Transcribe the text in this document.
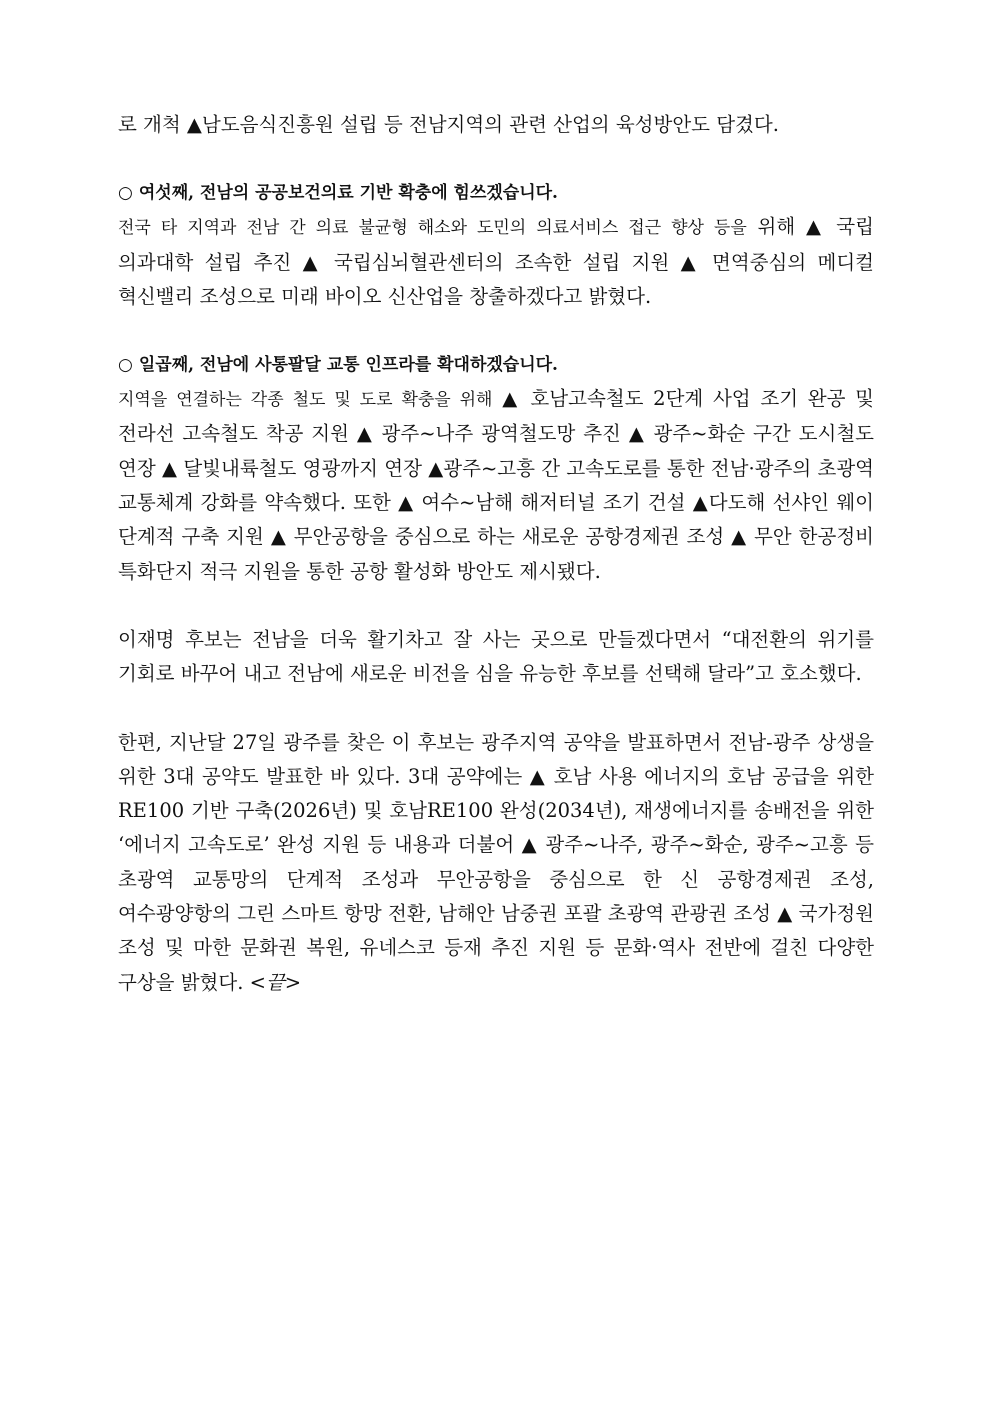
로 개척 ▲남도음식진흥원 설립 등 전남지역의 관련 산업의 육성방안도 담겼다.

○ 여섯째, 전남의 공공보건의료 기반 확충에 힘쓰겠습니다.

전국 타 지역과 전남 간 의료 불균형 해소와 도민의 의료서비스 접근 향상 등을 위해 ▲ 국립 의과대학 설립 추진 ▲ 국립심뇌혈관센터의 조속한 설립 지원 ▲ 면역중심의 메디컬 혁신밸리 조성으로 미래 바이오 신산업을 창출하겠다고 밝혔다.

○ 일곱째, 전남에 사통팔달 교통 인프라를 확대하겠습니다.

지역을 연결하는 각종 철도 및 도로 확충을 위해 ▲ 호남고속철도 2단계 사업 조기 완공 및 전라선 고속철도 착공 지원 ▲ 광주~나주 광역철도망 추진 ▲ 광주~화순 구간 도시철도 연장 ▲ 달빛내륙철도 영광까지 연장 ▲광주~고흥 간 고속도로를 통한 전남·광주의 초광역 교통체계 강화를 약속했다. 또한 ▲ 여수~남해 해저터널 조기 건설 ▲다도해 선샤인 웨이 단계적 구축 지원 ▲ 무안공항을 중심으로 하는 새로운 공항경제권 조성 ▲ 무안 한공정비 특화단지 적극 지원을 통한 공항 활성화 방안도 제시됐다.

이재명 후보는 전남을 더욱 활기차고 잘 사는 곳으로 만들겠다면서 “대전환의 위기를 기회로 바꾸어 내고 전남에 새로운 비전을 심을 유능한 후보를 선택해 달라”고 호소했다.

한편, 지난달 27일 광주를 찾은 이 후보는 광주지역 공약을 발표하면서 전남-광주 상생을 위한 3대 공약도 발표한 바 있다. 3대 공약에는 ▲ 호남 사용 에너지의 호남 공급을 위한 RE100 기반 구축(2026년) 및 호남RE100 완성(2034년), 재생에너지를 송배전을 위한 ‘에너지 고속도로’ 완성 지원 등 내용과 더불어 ▲ 광주~나주, 광주~화순, 광주~고흥 등 초광역 교통망의 단계적 조성과 무안공항을 중심으로 한 신 공항경제권 조성, 여수광양항의 그린 스마트 항망 전환, 남해안 남중권 포괄 초광역 관광권 조성 ▲ 국가정원 조성 및 마한 문화권 복원, 유네스코 등재 추진 지원 등 문화·역사 전반에 걸친 다양한 구상을 밝혔다. <끝>
